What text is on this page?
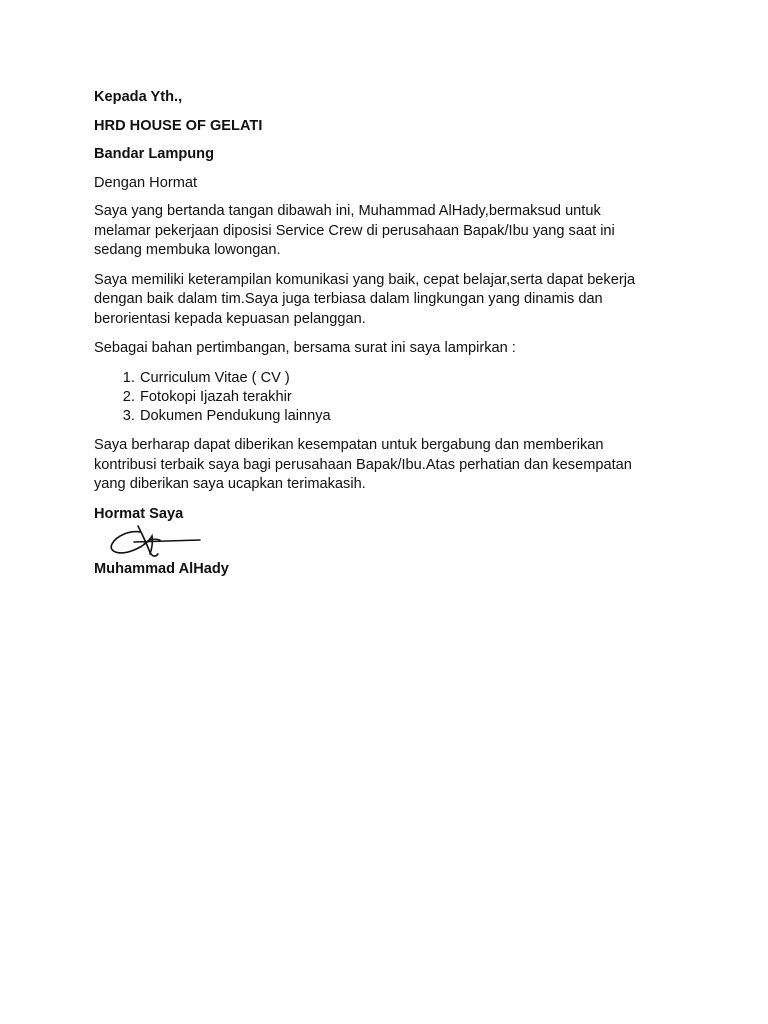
Kepada Yth.,
HRD HOUSE OF GELATI
Bandar Lampung
Dengan Hormat
Saya yang bertanda tangan dibawah ini, Muhammad AlHady,bermaksud untuk
melamar pekerjaan diposisi Service Crew di perusahaan Bapak/Ibu yang saat ini
sedang membuka lowongan.
Saya memiliki keterampilan komunikasi yang baik, cepat belajar,serta dapat bekerja
dengan baik dalam tim.Saya juga terbiasa dalam lingkungan yang dinamis dan
berorientasi kepada kepuasan pelanggan.
Sebagai bahan pertimbangan, bersama surat ini saya lampirkan :
1. Curriculum Vitae ( CV )
2. Fotokopi Ijazah terakhir
3. Dokumen Pendukung lainnya
Saya berharap dapat diberikan kesempatan untuk bergabung dan memberikan
kontribusi terbaik saya bagi perusahaan Bapak/Ibu.Atas perhatian dan kesempatan
yang diberikan saya ucapkan terimakasih.
Hormat Saya
Muhammad AlHady
